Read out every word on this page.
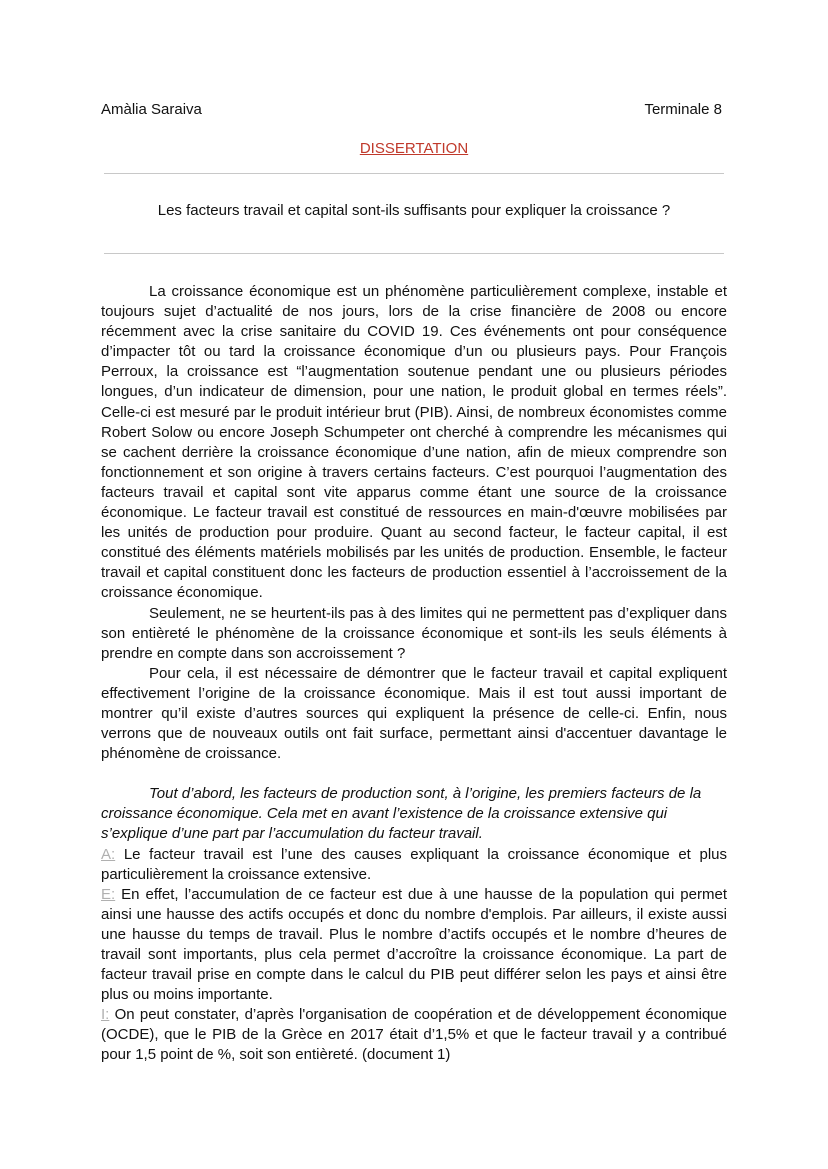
Amàlia Saraiva	Terminale 8
DISSERTATION
Les facteurs travail et capital sont-ils suffisants pour expliquer la croissance ?

La croissance économique est un phénomène particulièrement complexe, instable et toujours sujet d’actualité de nos jours, lors de la crise financière de 2008 ou encore récemment avec la crise sanitaire du COVID 19. Ces événements ont pour conséquence d’impacter tôt ou tard la croissance économique d’un ou plusieurs pays. Pour François Perroux, la croissance est “l’augmentation soutenue pendant une ou plusieurs périodes longues, d’un indicateur de dimension, pour une nation, le produit global en termes réels”. Celle-ci est mesuré par le produit intérieur brut (PIB). Ainsi, de nombreux économistes comme Robert Solow ou encore Joseph Schumpeter ont cherché à comprendre les mécanismes qui se cachent derrière la croissance économique d’une nation, afin de mieux comprendre son fonctionnement et son origine à travers certains facteurs. C’est pourquoi l’augmentation des facteurs travail et capital sont vite apparus comme étant une source de la croissance économique. Le facteur travail est constitué de ressources en main-d'œuvre mobilisées par les unités de production pour produire. Quant au second facteur, le facteur capital, il est constitué des éléments matériels mobilisés par les unités de production. Ensemble, le facteur travail et capital constituent donc les facteurs de production essentiel à l’accroissement de la croissance économique.

Seulement, ne se heurtent-ils pas à des limites qui ne permettent pas d’expliquer dans son entièreté le phénomène de la croissance économique et sont-ils les seuls éléments à prendre en compte dans son accroissement ?

Pour cela, il est nécessaire de démontrer que le facteur travail et capital expliquent effectivement l’origine de la croissance économique. Mais il est tout aussi important de montrer qu’il existe d’autres sources qui expliquent la présence de celle-ci. Enfin, nous verrons que de nouveaux outils ont fait surface, permettant ainsi d'accentuer davantage le phénomène de croissance.

Tout d’abord, les facteurs de production sont, à l’origine, les premiers facteurs de la croissance économique. Cela met en avant l’existence de la croissance extensive qui s’explique d’une part par l’accumulation du facteur travail.

A: Le facteur travail est l’une des causes expliquant la croissance économique et plus particulièrement la croissance extensive.

E: En effet, l’accumulation de ce facteur est due à une hausse de la population qui permet ainsi une hausse des actifs occupés et donc du nombre d'emplois. Par ailleurs, il existe aussi une hausse du temps de travail. Plus le nombre d’actifs occupés et le nombre d’heures de travail sont importants, plus cela permet d’accroître la croissance économique. La part de facteur travail prise en compte dans le calcul du PIB peut différer selon les pays et ainsi être plus ou moins importante.

I: On peut constater, d’après l'organisation de coopération et de développement économique (OCDE), que le PIB de la Grèce en 2017 était d’1,5% et que le facteur travail y a contribué pour 1,5 point de %, soit son entièreté. (document 1)
